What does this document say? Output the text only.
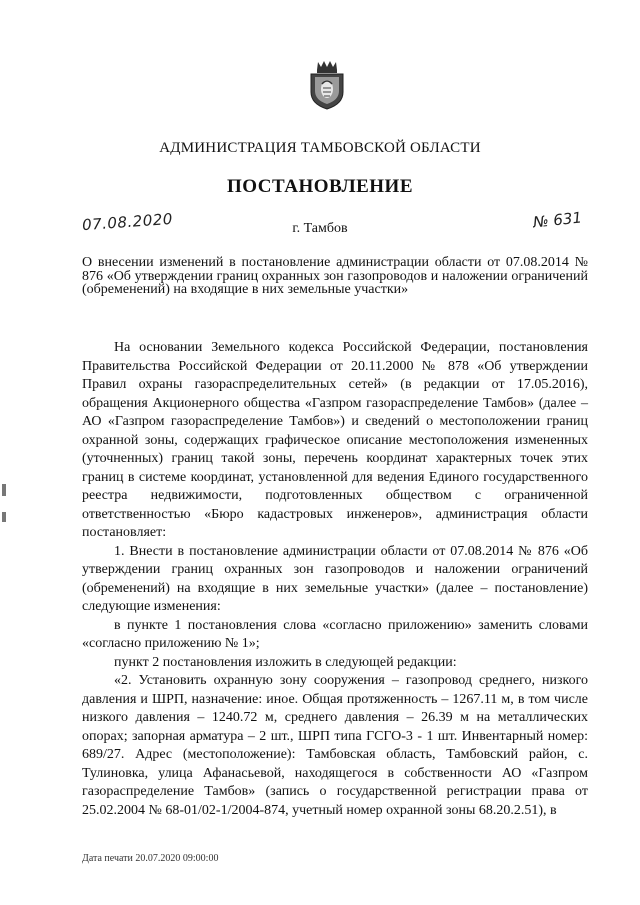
АДМИНИСТРАЦИЯ ТАМБОВСКОЙ ОБЛАСТИ
ПОСТАНОВЛЕНИЕ
07.08.2020	г. Тамбов	№ 631
О внесении изменений в постановление администрации области от 07.08.2014 № 876 «Об утверждении границ охранных зон газопроводов и наложении ограничений (обременений) на входящие в них земельные участки»

На основании Земельного кодекса Российской Федерации, постановления Правительства Российской Федерации от 20.11.2000 № 878 «Об утверждении Правил охраны газораспределительных сетей» (в редакции от 17.05.2016), обращения Акционерного общества «Газпром газораспределение Тамбов» (далее – АО «Газпром газораспределение Тамбов») и сведений о местоположении границ охранной зоны, содержащих графическое описание местоположения измененных (уточненных) границ такой зоны, перечень координат характерных точек этих границ в системе координат, установленной для ведения Единого государственного реестра недвижимости, подготовленных обществом с ограниченной ответственностью «Бюро кадастровых инженеров», администрация области постановляет:

1. Внести в постановление администрации области от 07.08.2014 № 876 «Об утверждении границ охранных зон газопроводов и наложении ограничений (обременений) на входящие в них земельные участки» (далее – постановление) следующие изменения:

в пункте 1 постановления слова «согласно приложению» заменить словами «согласно приложению № 1»;

пункт 2 постановления изложить в следующей редакции:

«2. Установить охранную зону сооружения – газопровод среднего, низкого давления и ШРП, назначение: иное. Общая протяженность – 1267.11 м, в том числе низкого давления – 1240.72 м, среднего давления – 26.39 м на металлических опорах; запорная арматура – 2 шт., ШРП типа ГСГО-3 - 1 шт. Инвентарный номер: 689/27. Адрес (местоположение): Тамбовская область, Тамбовский район, с. Тулиновка, улица Афанасьевой, находящегося в собственности АО «Газпром газораспределение Тамбов» (запись о государственной регистрации права от 25.02.2004 № 68-01/02-1/2004-874, учетный номер охранной зоны 68.20.2.51), в

Дата печати 20.07.2020 09:00:00
